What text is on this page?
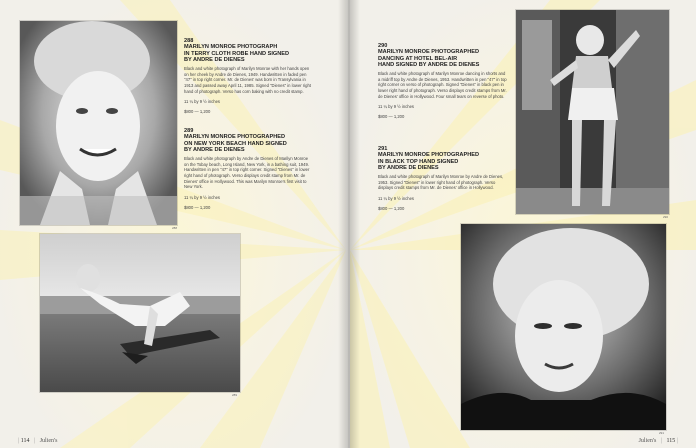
288
288
MARILYN MONROE PHOTOGRAPH
IN TERRY CLOTH ROBE HAND SIGNED
BY ANDRE DE DIENES
Black and white photograph of Marilyn Monroe with her hands open on her cheek by Andre de Dienes, 1949. Handwritten in faded pen "47" in top right corner. Mr. de Dienes' was born in Transylvania in 1913 and passed away April 11, 1985. Signed "Dienes" in lower right hand of photograph. Verso has corn baking with no credit stamp.
11 ¼ by 9 ½ inches
$800 — 1,200
289
MARILYN MONROE PHOTOGRAPHED
ON NEW YORK BEACH HAND SIGNED
BY ANDRE DE DIENES
Black and white photograph by Andre de Dienes of Marilyn Monroe on the Tobay beach, Long Island, New York, in a bathing suit, 1949. Handwritten in pen "47" in top right corner. Signed "Dienes" in lower right hand of photograph. Verso displays credit stamp from Mr. de Dienes' office in Hollywood. This was Marilyn Monroe's first visit to New York.
11 ¼ by 9 ½ inches
$800 — 1,200
289
| 114 | Julien's
290
MARILYN MONROE PHOTOGRAPHED
DANCING AT HOTEL BEL-AIR
HAND SIGNED BY ANDRE DE DIENES
Black and white photograph of Marilyn Monroe dancing in shorts and a midriff top by Andre de Dienes, 1953. Handwritten in pen "47" in top right corner on verso of photograph. Signed "Dienes" in black pen in lower right hand of photograph. Verso displays credit stamps from Mr. de Dienes' office in Hollywood. Four small tears on reverse of photo.
11 ¼ by 9 ½ inches
$800 — 1,200
291
MARILYN MONROE PHOTOGRAPHED
IN BLACK TOP HAND SIGNED
BY ANDRE DE DIENES
Black and white photograph of Marilyn Monroe by Andre de Dienes, 1953. Signed "Dienes" in lower right hand of photograph. Verso displays credit stamps from Mr. de Dienes' office in Hollywood.
11 ¼ by 9 ½ inches
$800 — 1,200
290
291
Julien's | 115 |
